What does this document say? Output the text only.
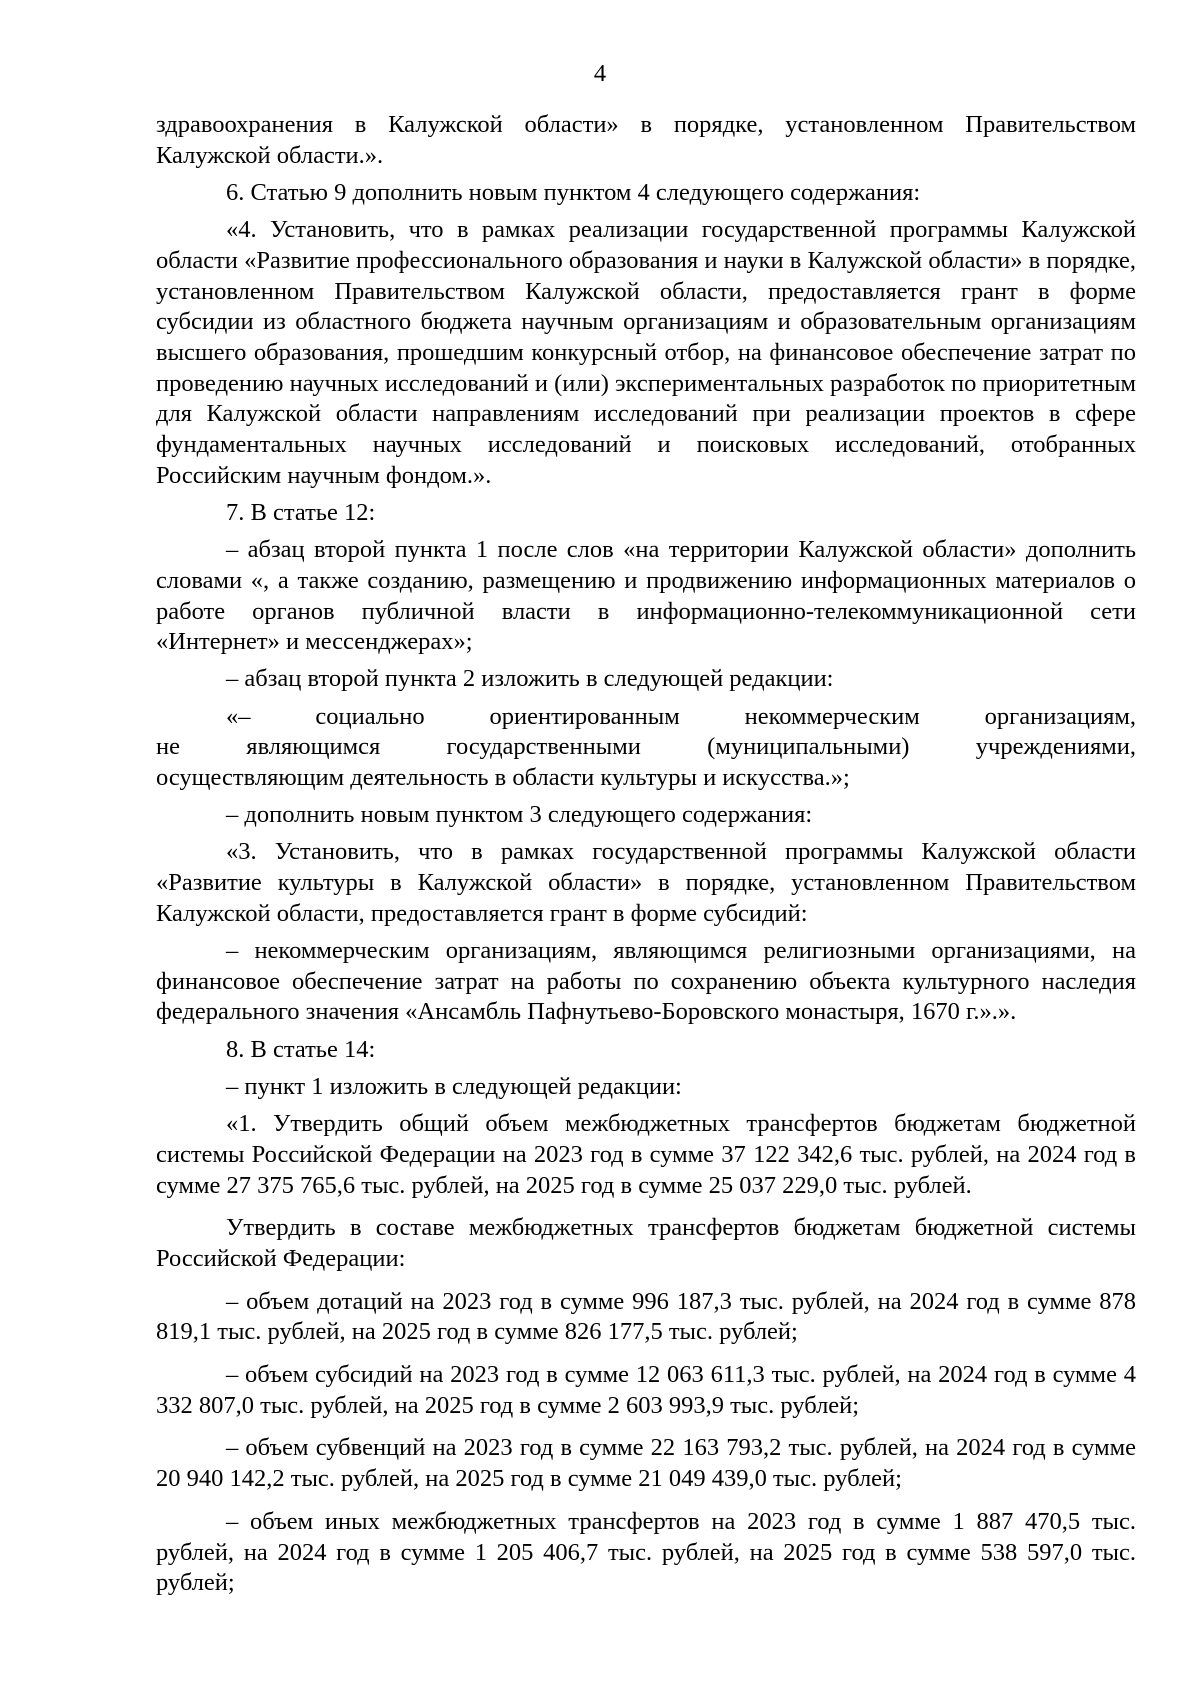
4

здравоохранения в Калужской области» в порядке, установленном Правительством Калужской области.».

6. Статью 9 дополнить новым пунктом 4 следующего содержания:

«4. Установить, что в рамках реализации государственной программы Калужской области «Развитие профессионального образования и науки в Калужской области» в порядке, установленном Правительством Калужской области, предоставляется грант в форме субсидии из областного бюджета научным организациям и образовательным организациям высшего образования, прошедшим конкурсный отбор, на финансовое обеспечение затрат по проведению научных исследований и (или) экспериментальных разработок по приоритетным для Калужской области направлениям исследований при реализации проектов в сфере фундаментальных научных исследований и поисковых исследований, отобранных Российским научным фондом.».

7. В статье 12:

– абзац второй пункта 1 после слов «на территории Калужской области» дополнить словами «, а также созданию, размещению и продвижению информационных материалов о работе органов публичной власти в информационно-телекоммуникационной сети «Интернет» и мессенджерах»;

– абзац второй пункта 2 изложить в следующей редакции:

«–	социально	ориентированным	некоммерческим	организациям,
не	являющимся	государственными	(муниципальными)	учреждениями,

осуществляющим деятельность в области культуры и искусства.»;

– дополнить новым пунктом 3 следующего содержания:

«3. Установить, что в рамках государственной программы Калужской области «Развитие культуры в Калужской области» в порядке, установленном Правительством Калужской области, предоставляется грант в форме субсидий:

– некоммерческим организациям, являющимся религиозными организациями, на финансовое обеспечение затрат на работы по сохранению объекта культурного наследия федерального значения «Ансамбль Пафнутьево-Боровского монастыря, 1670 г.».».

8. В статье 14:

– пункт 1 изложить в следующей редакции:

«1. Утвердить общий объем межбюджетных трансфертов бюджетам бюджетной системы Российской Федерации на 2023 год в сумме 37 122 342,6 тыс. рублей, на 2024 год в сумме 27 375 765,6 тыс. рублей, на 2025 год в сумме 25 037 229,0 тыс. рублей.

Утвердить в составе межбюджетных трансфертов бюджетам бюджетной системы Российской Федерации:

– объем дотаций на 2023 год в сумме 996 187,3 тыс. рублей, на 2024 год в сумме 878 819,1 тыс. рублей, на 2025 год в сумме 826 177,5 тыс. рублей;

– объем субсидий на 2023 год в сумме 12 063 611,3 тыс. рублей, на 2024 год в сумме 4 332 807,0 тыс. рублей, на 2025 год в сумме 2 603 993,9 тыс. рублей;

– объем субвенций на 2023 год в сумме 22 163 793,2 тыс. рублей, на 2024 год в сумме 20 940 142,2 тыс. рублей, на 2025 год в сумме 21 049 439,0 тыс. рублей;

– объем иных межбюджетных трансфертов на 2023 год в сумме 1 887 470,5 тыс. рублей, на 2024 год в сумме 1 205 406,7 тыс. рублей, на 2025 год в сумме 538 597,0 тыс. рублей;
